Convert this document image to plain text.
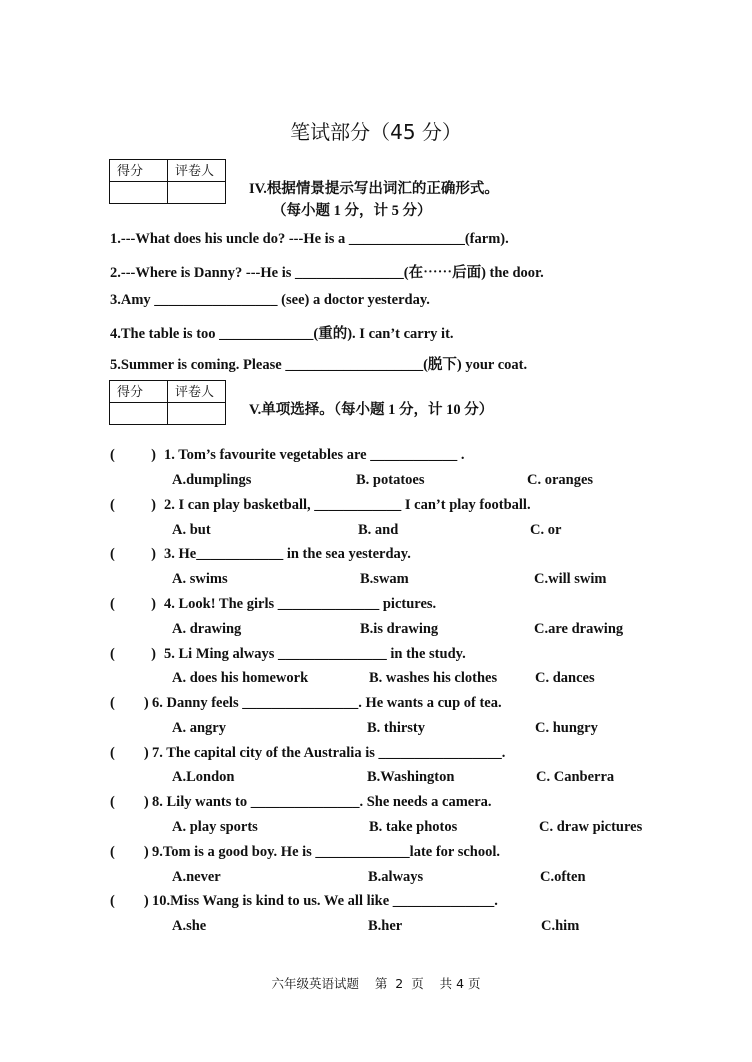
笔试部分（45 分）
得分	评卷人

IV.根据情景提示写出词汇的正确形式。
（每小题 1 分，计 5 分）
1.---What does his uncle do? ---He is a ________________(farm).
2.---Where is Danny? ---He is _______________(在⋯⋯后面) the door.
3.Amy _________________ (see) a doctor yesterday.
4.The table is too _____________(重的). I can’t carry it.
5.Summer is coming. Please ___________________(脱下) your coat.
得分	评卷人

V.单项选择。（每小题 1 分，计 10 分）
(          ) 1. Tom’s favourite vegetables are ____________ .
A.dumplings	B. potatoes	C. oranges
(          ) 2. I can play basketball, ____________ I can’t play football.
A. but	B. and	C. or
(          ) 3. He____________ in the sea yesterday.
A. swims	B.swam	C.will swim
(          ) 4. Look! The girls ______________ pictures.
A. drawing	B.is drawing	C.are drawing
(          ) 5. Li Ming always _______________ in the study.
A. does his homework	B. washes his clothes	C. dances
(        ) 6. Danny feels ________________. He wants a cup of tea.
A. angry	B. thirsty	C. hungry
(        ) 7. The capital city of the Australia is _________________.
A.London	B.Washington	C. Canberra
(        ) 8. Lily wants to _______________. She needs a camera.
A. play sports	B. take photos	C. draw pictures
(        ) 9.Tom is a good boy. He is _____________late for school.
A.never	B.always	C.often
(        ) 10.Miss Wang is kind to us. We all like ______________.
A.she	B.her	C.him
六年级英语试题    第  2  页    共 4 页
